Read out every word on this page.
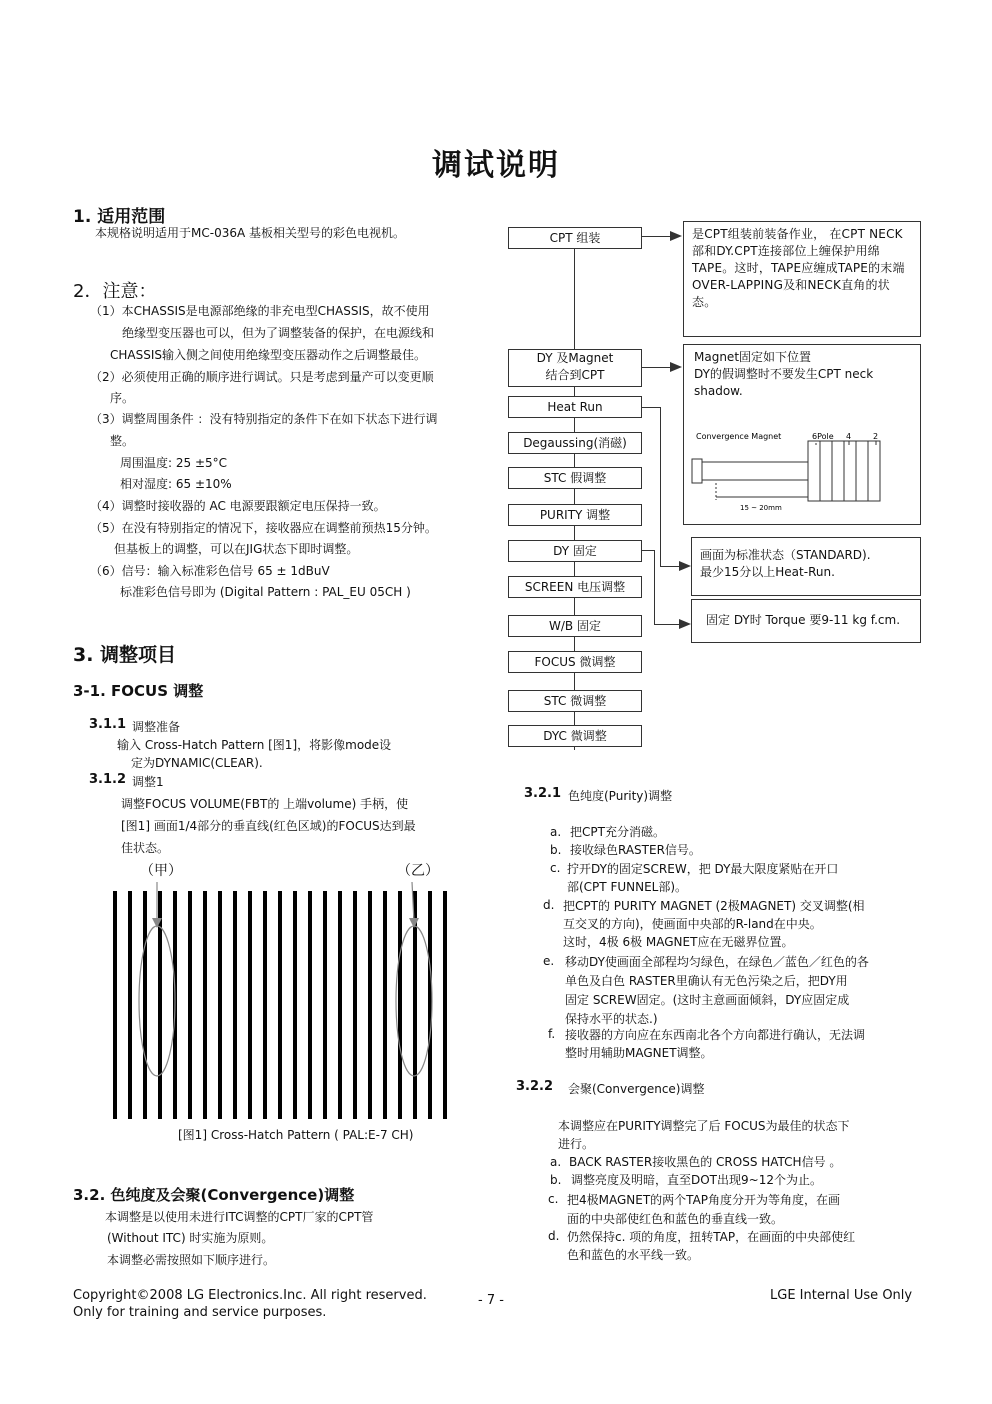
调试说明
1. 适用范围
本规格说明适用于MC-036A 基板相关型号的彩色电视机。
2．注意：
（1）本CHASSIS是电源部绝缘的非充电型CHASSIS，故不使用
绝缘型变压器也可以，但为了调整装备的保护，在电源线和
CHASSIS输入侧之间使用绝缘型变压器动作之后调整最佳。
（2）必须使用正确的顺序进行调试。只是考虑到量产可以变更顺
序。
（3）调整周围条件 ：没有特别指定的条件下在如下状态下进行调
整。
周围温度: 25 ±5°C
相对湿度: 65 ±10%
（4）调整时接收器的 AC 电源要跟额定电压保持一致。
（5）在没有特别指定的情况下，接收器应在调整前预热15分钟。
但基板上的调整，可以在JIG状态下即时调整。
（6）信号：输入标准彩色信号 65 ± 1dBuV
标准彩色信号即为 (Digital Pattern : PAL_EU 05CH )
3. 调整项目
3-1. FOCUS 调整
3.1.1 调整准备
输入 Cross-Hatch Pattern [图1]，将影像mode设
定为DYNAMIC(CLEAR).
3.1.2 调整1
调整FOCUS VOLUME(FBT的 上端volume) 手柄，使
[图1] 画面1/4部分的垂直线(红色区域)的FOCUS达到最
佳状态。
（甲）	（乙）
[图1] Cross-Hatch Pattern ( PAL:E-7 CH)
3.2. 色纯度及会聚(Convergence)调整
本调整是以使用未进行ITC调整的CPT厂家的CPT管
(Without ITC) 时实施为原则。
本调整必需按照如下顺序进行。
CPT 组装
DY 及Magnet
结合到CPT
Heat Run
Degaussing(消磁)
STC 假调整
PURITY 调整
DY 固定
SCREEN 电压调整
W/B 固定
FOCUS 微调整
STC 微调整
DYC 微调整
是CPT组装前装备作业， 在CPT NECK部和DY.CPT连接部位上缠保护用绵TAPE。这时，TAPE应缠成TAPE的末端OVER-LAPPING及和NECK直角的状态。
Magnet固定如下位置
DY的假调整时不要发生CPT neck shadow.
Convergence Magnet	6Pole 4	2
15 ~ 20mm
画面为标准状态（STANDARD).
最少15分以上Heat-Run.
固定 DY时 Torque 要9-11 kg f.cm.
3.2.1 色纯度(Purity)调整
a. 把CPT充分消磁。
b. 接收绿色RASTER信号。
c. 拧开DY的固定SCREW，把 DY最大限度紧贴在开口
部(CPT FUNNEL部)。
d. 把CPT的 PURITY MAGNET (2极MAGNET) 交叉调整(相
互交叉的方向)，使画面中央部的R-land在中央。
这时，4极 6极 MAGNET应在无磁界位置。
e. 移动DY使画面全部程均匀绿色，在绿色／蓝色／红色的各
单色及白色 RASTER里确认有无色污染之后，把DY用
固定 SCREW固定。(这时主意画面倾斜，DY应固定成
保持水平的状态.)
f. 接收器的方向应在东西南北各个方向都进行确认，无法调
整时用辅助MAGNET调整。
3.2.2 会聚(Convergence)调整
本调整应在PURITY调整完了后 FOCUS为最佳的状态下
进行。
a. BACK RASTER接收黑色的 CROSS HATCH信号 。
b. 调整亮度及明暗，直至DOT出现9~12个为止。
c. 把4极MAGNET的两个TAP角度分开为等角度，在画
面的中央部使红色和蓝色的垂直线一致。
d. 仍然保持c. 项的角度，扭转TAP，在画面的中央部使红
色和蓝色的水平线一致。
Copyright©2008 LG Electronics.Inc. All right reserved.
Only for training and service purposes.
- 7 -	LGE Internal Use Only
